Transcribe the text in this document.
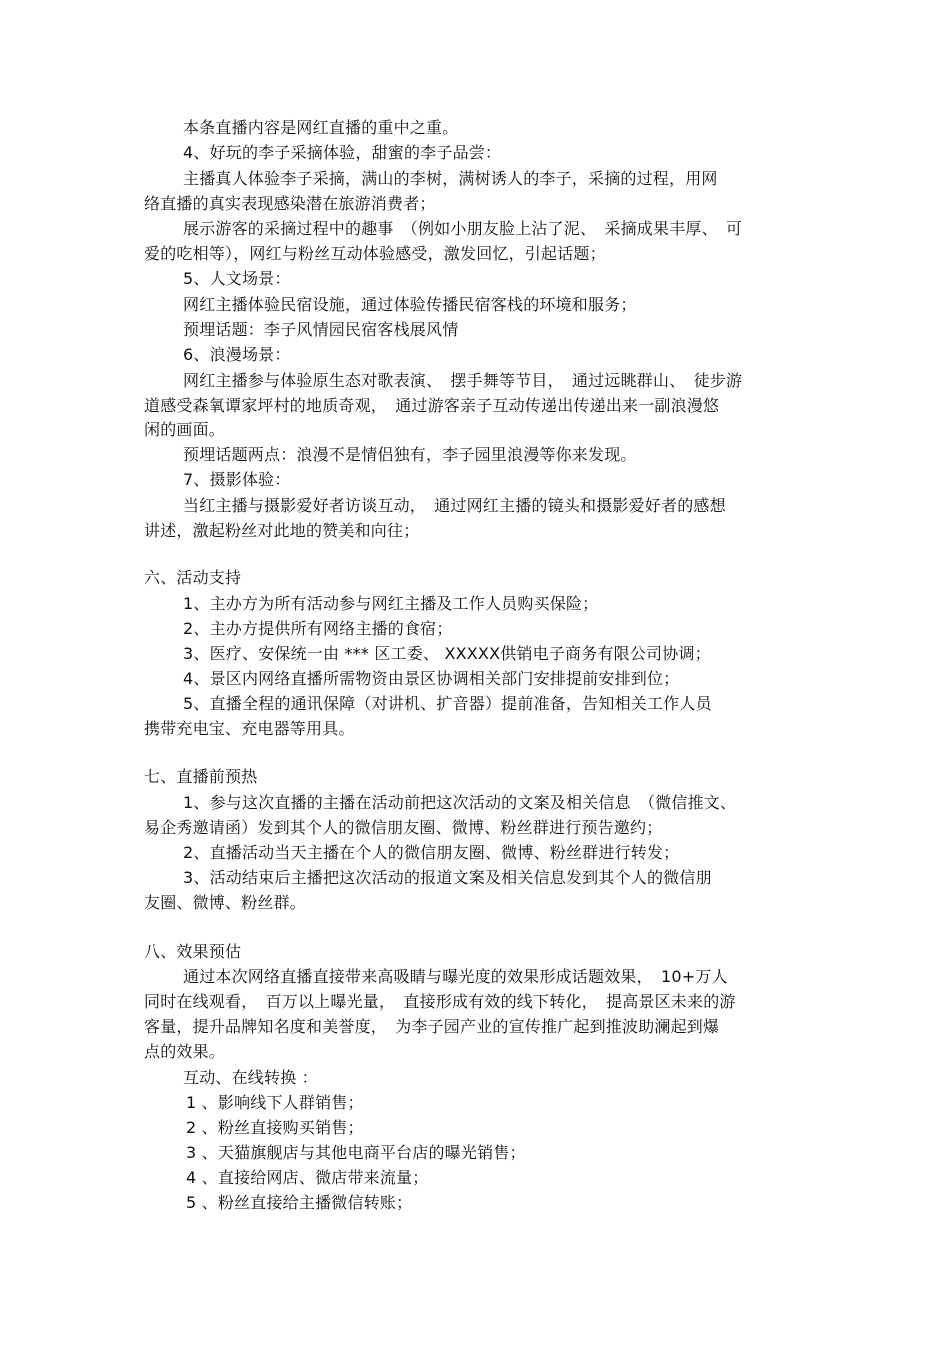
本条直播内容是网红直播的重中之重。
4、好玩的李子采摘体验，甜蜜的李子品尝：
主播真人体验李子采摘，满山的李树，满树诱人的李子，采摘的过程，用网
络直播的真实表现感染潜在旅游消费者；
展示游客的采摘过程中的趣事　（例如小朋友脸上沾了泥、　采摘成果丰厚、　可
爱的吃相等），网红与粉丝互动体验感受，激发回忆，引起话题；
5、人文场景：
网红主播体验民宿设施，通过体验传播民宿客栈的环境和服务；
预埋话题：李子风情园民宿客栈展风情
6、浪漫场景：
网红主播参与体验原生态对歌表演、　摆手舞等节目，　通过远眺群山、　徒步游
道感受森氧谭家坪村的地质奇观，　通过游客亲子互动传递出传递出来一副浪漫悠
闲的画面。
预埋话题两点：浪漫不是情侣独有，李子园里浪漫等你来发现。
7、摄影体验：
当红主播与摄影爱好者访谈互动，　通过网红主播的镜头和摄影爱好者的感想
讲述，激起粉丝对此地的赞美和向往；
六、活动支持
1、主办方为所有活动参与网红主播及工作人员购买保险；
2、主办方提供所有网络主播的食宿；
3、医疗、安保统一由 *** 区工委、 XXXXX供销电子商务有限公司协调；
4、景区内网络直播所需物资由景区协调相关部门安排提前安排到位；
5、直播全程的通讯保障（对讲机、扩音器）提前准备，告知相关工作人员
携带充电宝、充电器等用具。
七、直播前预热
1、参与这次直播的主播在活动前把这次活动的文案及相关信息　（微信推文、
易企秀邀请函）发到其个人的微信朋友圈、微博、粉丝群进行预告邀约；
2、直播活动当天主播在个人的微信朋友圈、微博、粉丝群进行转发；
3、活动结束后主播把这次活动的报道文案及相关信息发到其个人的微信朋
友圈、微博、粉丝群。
八、效果预估
通过本次网络直播直接带来高吸睛与曝光度的效果形成话题效果，　10+万人
同时在线观看，　百万以上曝光量，　直接形成有效的线下转化，　提高景区未来的游
客量，提升品牌知名度和美誉度，　为李子园产业的宣传推广起到推波助澜起到爆
点的效果。
互动、在线转换 ：
1 、影响线下人群销售；
2 、粉丝直接购买销售；
3 、天猫旗舰店与其他电商平台店的曝光销售；
4 、直接给网店、微店带来流量；
5 、粉丝直接给主播微信转账；
